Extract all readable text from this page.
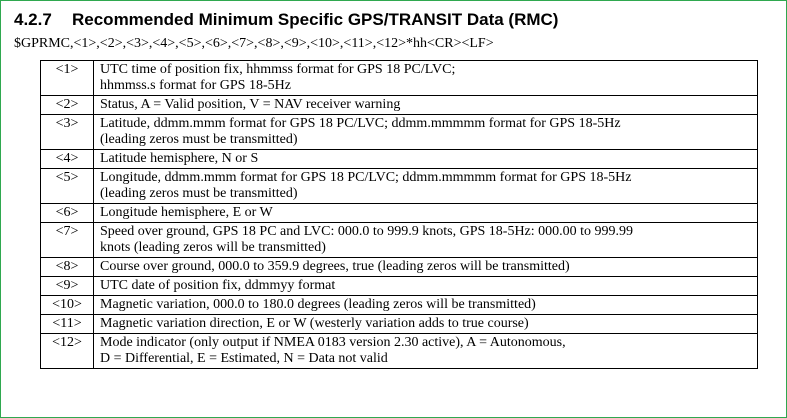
4.2.7 Recommended Minimum Specific GPS/TRANSIT Data (RMC)
$GPRMC,<1>,<2>,<3>,<4>,<5>,<6>,<7>,<8>,<9>,<10>,<11>,<12>*hh<CR><LF>
<1>	UTC time of position fix, hhmmss format for GPS 18 PC/LVC;
hhmmss.s format for GPS 18-5Hz

<2>	Status, A = Valid position, V = NAV receiver warning

<3>	Latitude, ddmm.mmm format for GPS 18 PC/LVC; ddmm.mmmmm format for GPS 18-5Hz
(leading zeros must be transmitted)

<4>	Latitude hemisphere, N or S

<5>	Longitude, ddmm.mmm format for GPS 18 PC/LVC; ddmm.mmmmm format for GPS 18-5Hz
(leading zeros must be transmitted)

<6>	Longitude hemisphere, E or W

<7>	Speed over ground, GPS 18 PC and LVC: 000.0 to 999.9 knots, GPS 18-5Hz: 000.00 to 999.99
knots (leading zeros will be transmitted)

<8>	Course over ground, 000.0 to 359.9 degrees, true (leading zeros will be transmitted)

<9>	UTC date of position fix, ddmmyy format

<10>	Magnetic variation, 000.0 to 180.0 degrees (leading zeros will be transmitted)

<11>	Magnetic variation direction, E or W (westerly variation adds to true course)

<12>	Mode indicator (only output if NMEA 0183 version 2.30 active), A = Autonomous,
D = Differential, E = Estimated, N = Data not valid
